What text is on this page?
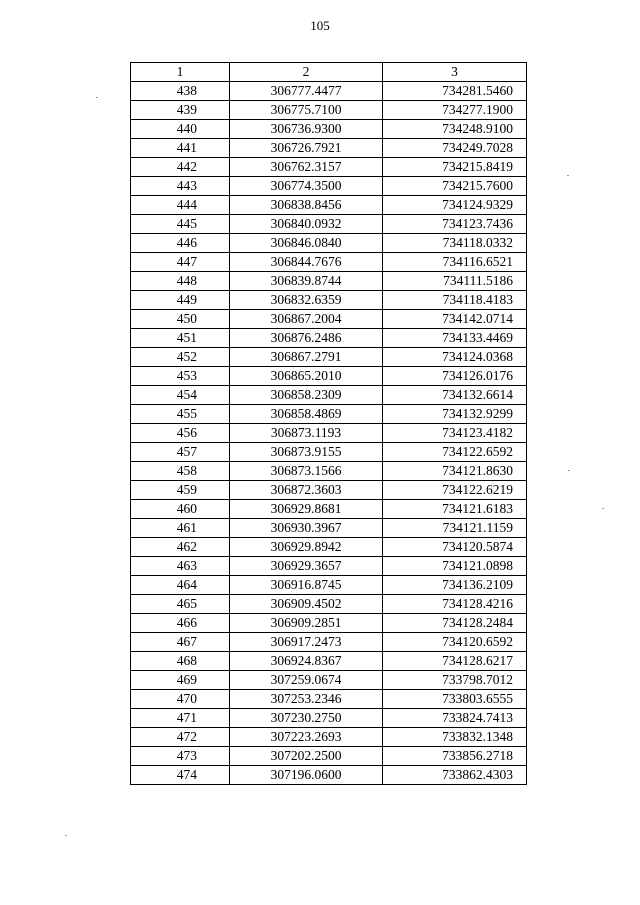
105
1	2	3
438	306777.4477	734281.5460
439	306775.7100	734277.1900
440	306736.9300	734248.9100
441	306726.7921	734249.7028
442	306762.3157	734215.8419
443	306774.3500	734215.7600
444	306838.8456	734124.9329
445	306840.0932	734123.7436
446	306846.0840	734118.0332
447	306844.7676	734116.6521
448	306839.8744	734111.5186
449	306832.6359	734118.4183
450	306867.2004	734142.0714
451	306876.2486	734133.4469
452	306867.2791	734124.0368
453	306865.2010	734126.0176
454	306858.2309	734132.6614
455	306858.4869	734132.9299
456	306873.1193	734123.4182
457	306873.9155	734122.6592
458	306873.1566	734121.8630
459	306872.3603	734122.6219
460	306929.8681	734121.6183
461	306930.3967	734121.1159
462	306929.8942	734120.5874
463	306929.3657	734121.0898
464	306916.8745	734136.2109
465	306909.4502	734128.4216
466	306909.2851	734128.2484
467	306917.2473	734120.6592
468	306924.8367	734128.6217
469	307259.0674	733798.7012
470	307253.2346	733803.6555
471	307230.2750	733824.7413
472	307223.2693	733832.1348
473	307202.2500	733856.2718
474	307196.0600	733862.4303
